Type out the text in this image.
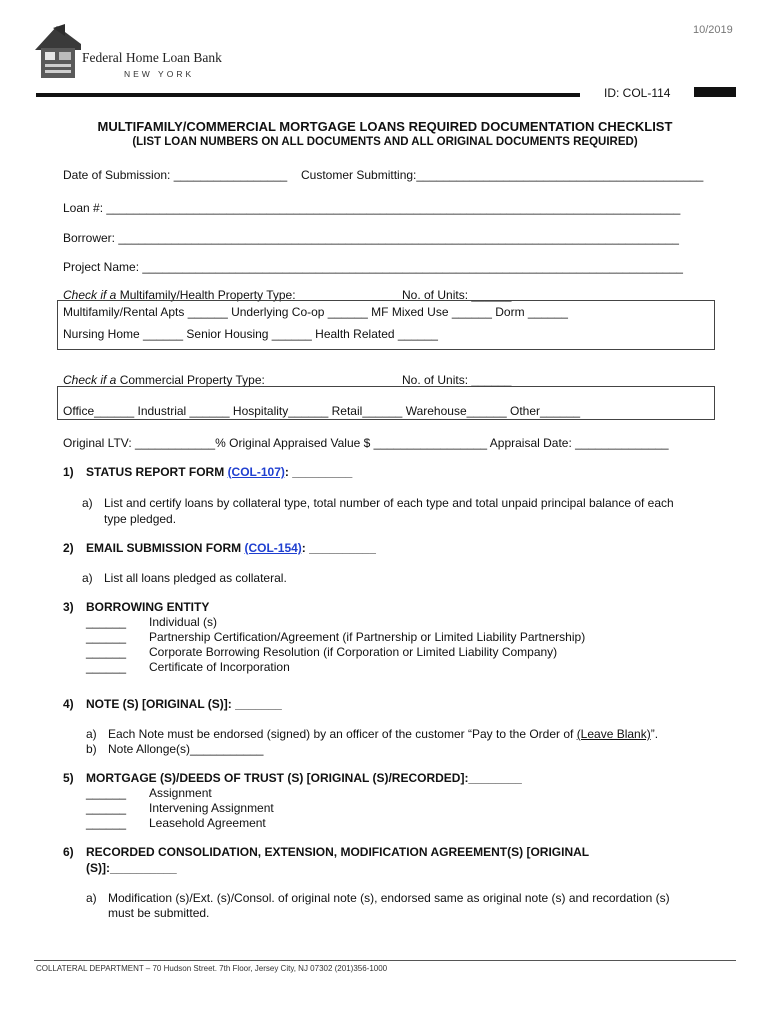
10/2019
Federal Home Loan Bank
NEW YORK
ID: COL-114
MULTIFAMILY/COMMERCIAL MORTGAGE LOANS REQUIRED DOCUMENTATION CHECKLIST
(LIST LOAN NUMBERS ON ALL DOCUMENTS AND ALL ORIGINAL DOCUMENTS REQUIRED)
Date of Submission: _________________ Customer Submitting:___________________________________________
Loan #: ______________________________________________________________________________________
Borrower: ____________________________________________________________________________________
Project Name: _________________________________________________________________________________
Check if a Multifamily/Health Property Type:	No. of Units: ______
Multifamily/Rental Apts ______ Underlying Co-op ______ MF Mixed Use ______ Dorm ______
Nursing Home ______ Senior Housing ______ Health Related ______
Check if a Commercial Property Type:	No. of Units: ______
Office______ Industrial ______ Hospitality______ Retail______ Warehouse______ Other______
Original LTV: ____________% Original Appraised Value $ _________________ Appraisal Date: ______________
1) STATUS REPORT FORM (COL-107): _________
a) List and certify loans by collateral type, total number of each type and total unpaid principal balance of each
type pledged.
2) EMAIL SUBMISSION FORM (COL-154): __________
a) List all loans pledged as collateral.
3) BORROWING ENTITY
______ Individual (s)
______ Partnership Certification/Agreement (if Partnership or Limited Liability Partnership)
______ Corporate Borrowing Resolution (if Corporation or Limited Liability Company)
______ Certificate of Incorporation
4) NOTE (S) [ORIGINAL (S)]: _______
a) Each Note must be endorsed (signed) by an officer of the customer “Pay to the Order of (Leave Blank)”.
b) Note Allonge(s)___________
5) MORTGAGE (S)/DEEDS OF TRUST (S) [ORIGINAL (S)/RECORDED]:________
______ Assignment
______ Intervening Assignment
______ Leasehold Agreement
6) RECORDED CONSOLIDATION, EXTENSION, MODIFICATION AGREEMENT(S) [ORIGINAL
(S)]:__________
a) Modification (s)/Ext. (s)/Consol. of original note (s), endorsed same as original note (s) and recordation (s)
must be submitted.
COLLATERAL DEPARTMENT – 70 Hudson Street. 7th Floor, Jersey City, NJ 07302 (201)356-1000
